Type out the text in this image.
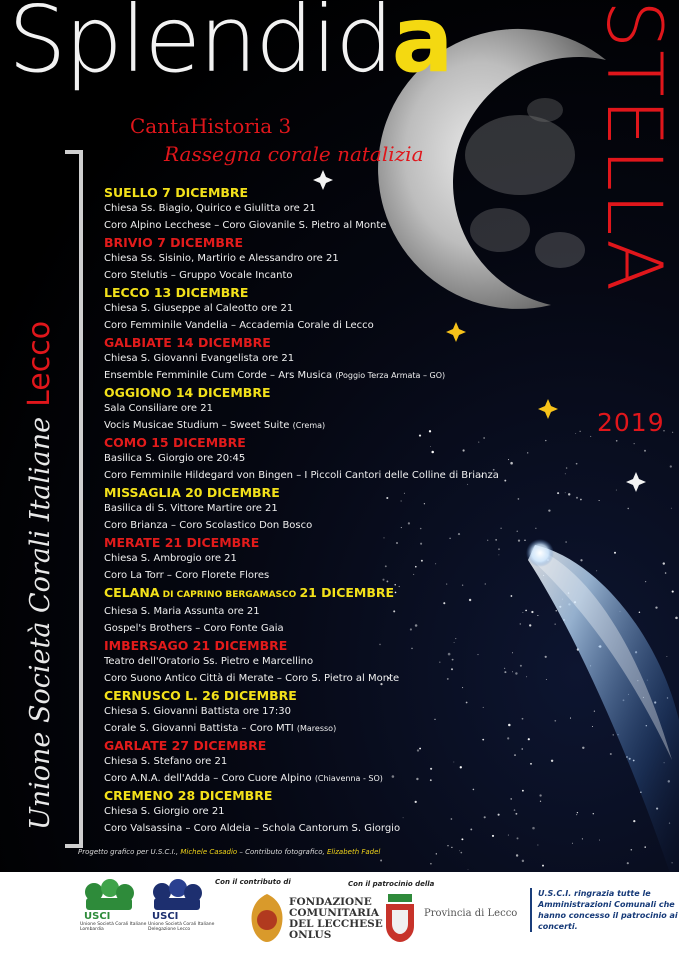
Splendida STELLA
2019
CantaHistoria 3
Rassegna corale natalizia
Unione Società Corali ItalianeLecco
SUELLO 7 DICEMBRE
Chiesa Ss. Biagio, Quirico e Giulitta ore 21
Coro Alpino Lecchese – Coro Giovanile S. Pietro al Monte
BRIVIO 7 DICEMBRE
Chiesa Ss. Sisinio, Martirio e Alessandro ore 21
Coro Stelutis – Gruppo Vocale Incanto
LECCO 13 DICEMBRE
Chiesa S. Giuseppe al Caleotto ore 21
Coro Femminile Vandelia – Accademia Corale di Lecco
GALBIATE 14 DICEMBRE
Chiesa S. Giovanni Evangelista ore 21
Ensemble Femminile Cum Corde – Ars Musica (Poggio Terza Armata – GO)
OGGIONO 14 DICEMBRE
Sala Consiliare ore 21
Vocis Musicae Studium – Sweet Suite (Crema)
COMO 15 DICEMBRE
Basilica S. Giorgio ore 20:45
Coro Femminile Hildegard von Bingen – I Piccoli Cantori delle Colline di Brianza
MISSAGLIA 20 DICEMBRE
Basilica di S. Vittore Martire ore 21
Coro Brianza – Coro Scolastico Don Bosco
MERATE 21 DICEMBRE
Chiesa S. Ambrogio ore 21
Coro La Torr – Coro Florete Flores
CELANA DI CAPRINO BERGAMASCO 21 DICEMBRE
Chiesa S. Maria Assunta ore 21
Gospel's Brothers – Coro Fonte Gaia
IMBERSAGO 21 DICEMBRE
Teatro dell'Oratorio Ss. Pietro e Marcellino
Coro Suono Antico Città di Merate – Coro S. Pietro al Monte
CERNUSCO L. 26 DICEMBRE
Chiesa S. Giovanni Battista ore 17:30
Corale S. Giovanni Battista – Coro MTI (Maresso)
GARLATE 27 DICEMBRE
Chiesa S. Stefano ore 21
Coro A.N.A. dell'Adda – Coro Cuore Alpino (Chiavenna - SO)
CREMENO 28 DICEMBRE
Chiesa S. Giorgio ore 21
Coro Valsassina – Coro Aldeia – Schola Cantorum S. Giorgio
Progetto grafico per U.S.C.I., Michele Casadio – Contributo fotografico, Elizabeth Fadel
USCI
Unione Società Corali Italiane Lombardia
USCI
Unione Società Corali Italiane Delegazione Lecco
Con il contributo di	Con il patrocinio della
FONDAZIONE
COMUNITARIA
DEL LECCHESE
ONLUS
Provincia di Lecco
U.S.C.I. ringrazia tutte le Amministrazioni Comunali che hanno concesso il patrocinio ai concerti.
